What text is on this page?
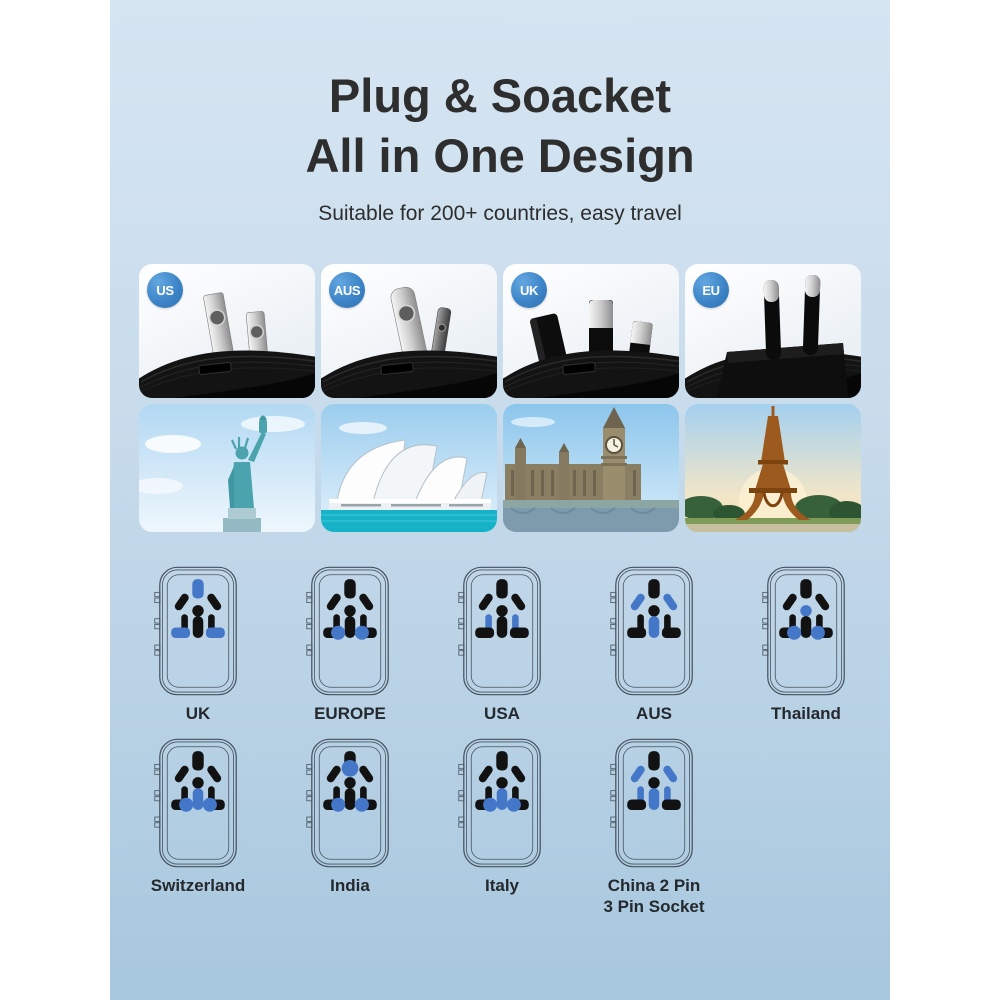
Plug & Soacket
All in One Design
Suitable for 200+ countries, easy travel
US	AUS	UK	EU
UK	EUROPE	USA	AUS	Thailand
Switzerland	India	Italy	China 2 Pin
3 Pin Socket
